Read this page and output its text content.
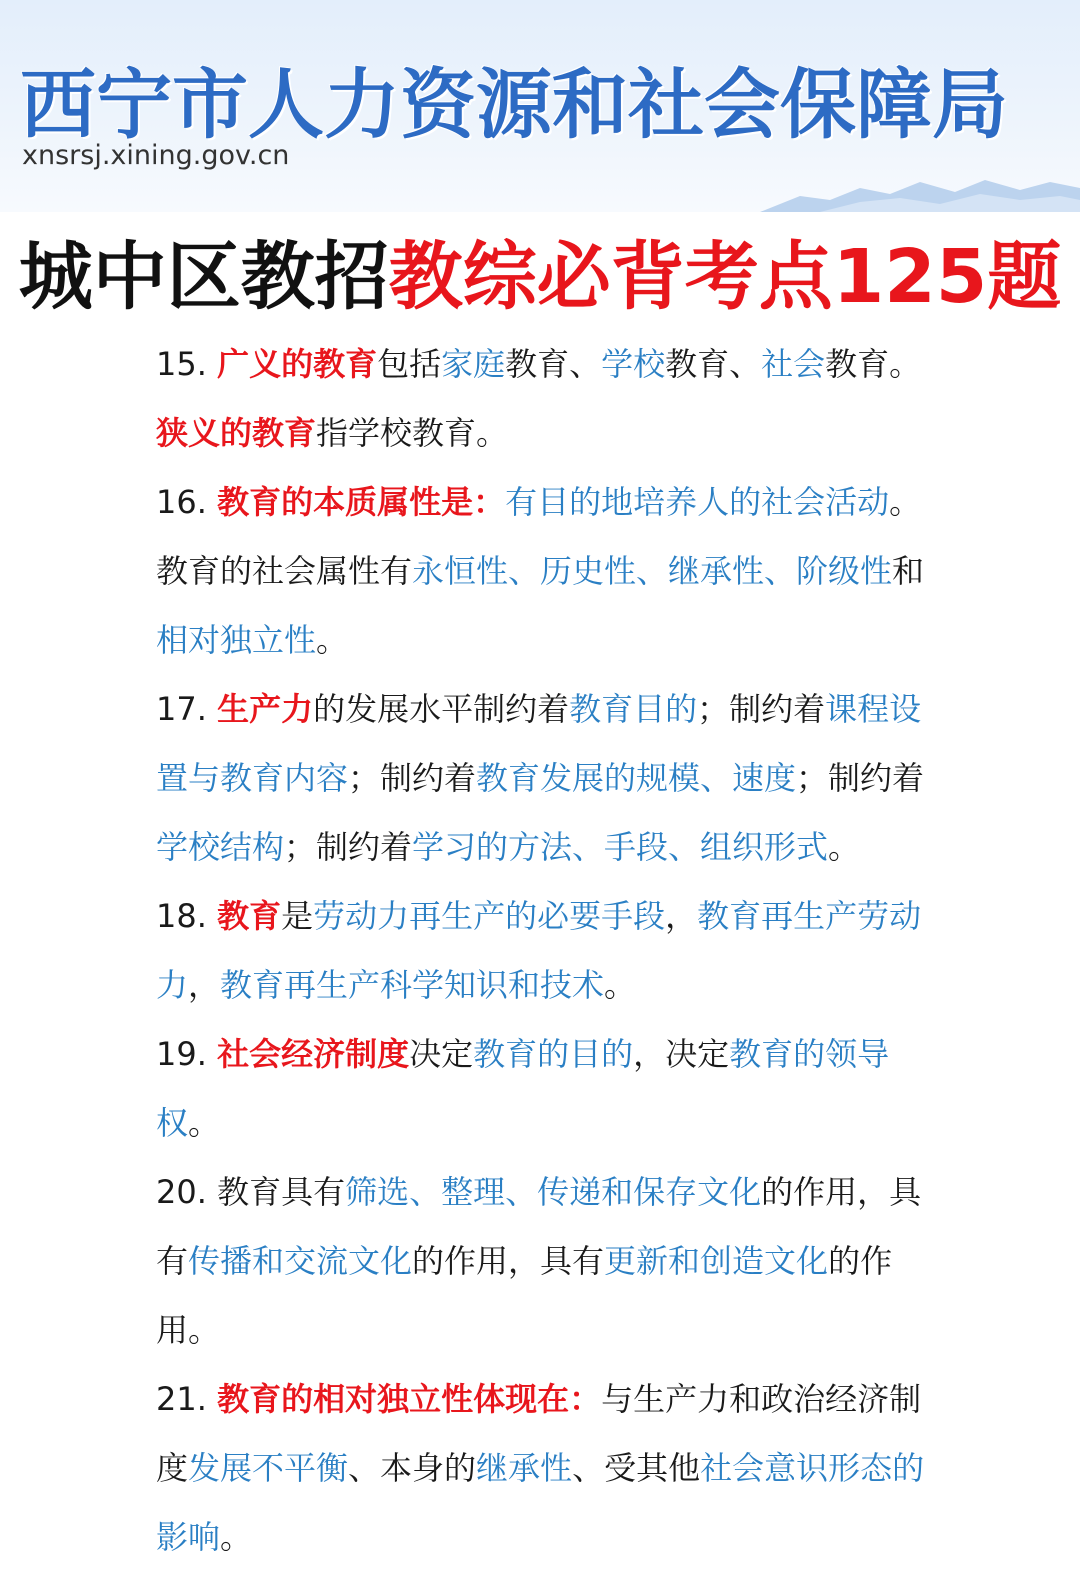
西宁市人力资源和社会保障局
xnsrsj.xining.gov.cn
城中区教招教综必背考点125题

15. 广义的教育包括家庭教育、学校教育、社会教育。
狭义的教育指学校教育。

16. 教育的本质属性是：有目的地培养人的社会活动。
教育的社会属性有永恒性、历史性、继承性、阶级性和相对独立性。

17. 生产力的发展水平制约着教育目的；制约着课程设置与教育内容；制约着教育发展的规模、速度；制约着学校结构；制约着学习的方法、手段、组织形式。

18. 教育是劳动力再生产的必要手段，教育再生产劳动力，教育再生产科学知识和技术。

19. 社会经济制度决定教育的目的，决定教育的领导权。

20. 教育具有筛选、整理、传递和保存文化的作用，具有传播和交流文化的作用，具有更新和创造文化的作用。

21. 教育的相对独立性体现在：与生产力和政治经济制度发展不平衡、本身的继承性、受其他社会意识形态的影响。
